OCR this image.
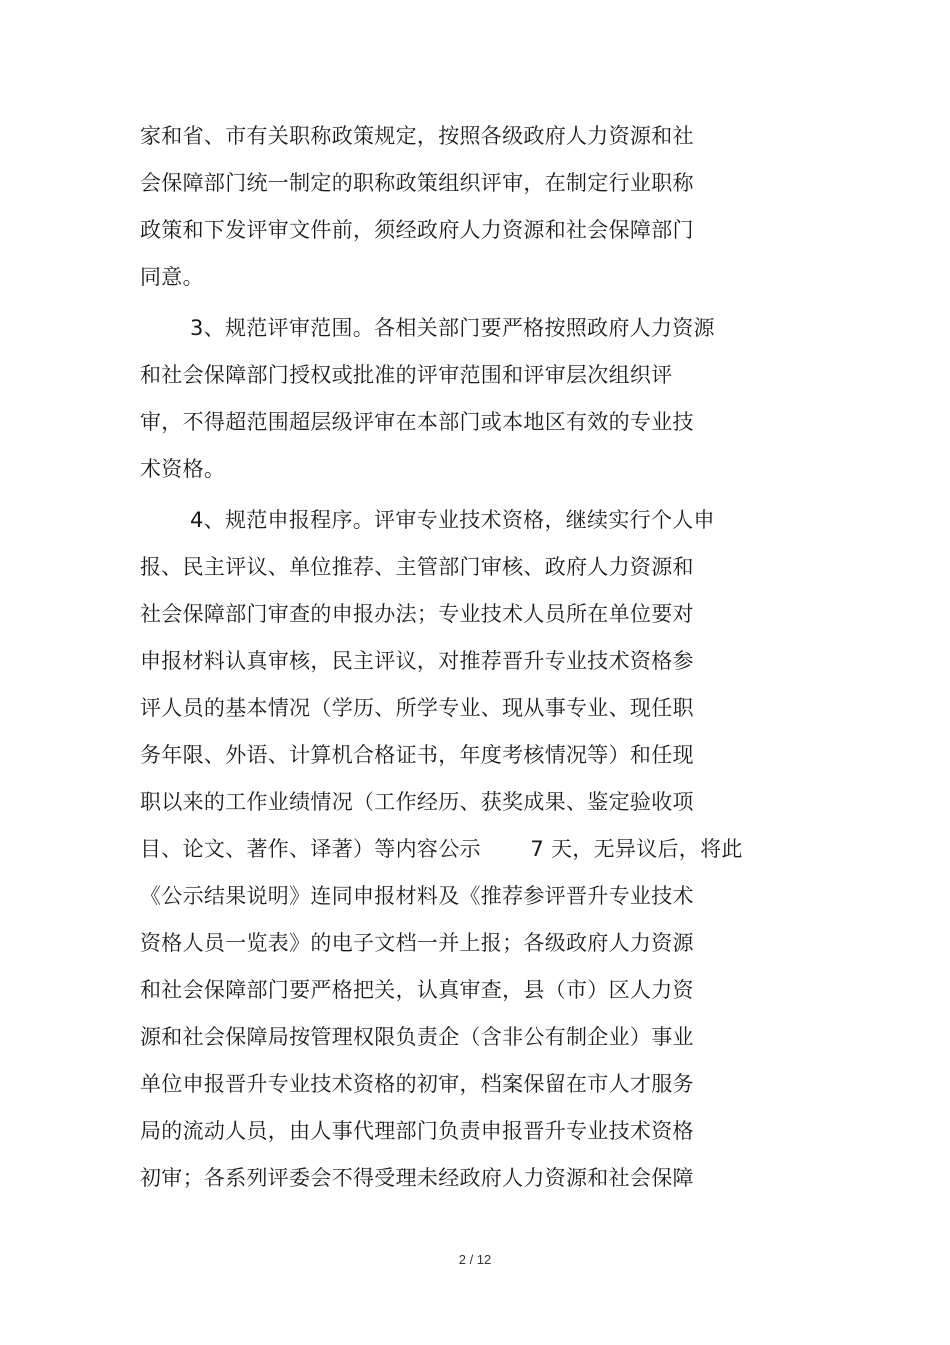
家和省、市有关职称政策规定，按照各级政府人力资源和社
会保障部门统一制定的职称政策组织评审，在制定行业职称
政策和下发评审文件前，须经政府人力资源和社会保障部门
同意。
3、规范评审范围。各相关部门要严格按照政府人力资源
和社会保障部门授权或批准的评审范围和评审层次组织评
审，不得超范围超层级评审在本部门或本地区有效的专业技
术资格。
4、规范申报程序。评审专业技术资格，继续实行个人申
报、民主评议、单位推荐、主管部门审核、政府人力资源和
社会保障部门审查的申报办法；专业技术人员所在单位要对
申报材料认真审核，民主评议，对推荐晋升专业技术资格参
评人员的基本情况（学历、所学专业、现从事专业、现任职
务年限、外语、计算机合格证书，年度考核情况等）和任现
职以来的工作业绩情况（工作经历、获奖成果、鉴定验收项
目、论文、著作、译著）等内容公示　　 7 天，无异议后，将此
《公示结果说明》连同申报材料及《推荐参评晋升专业技术
资格人员一览表》的电子文档一并上报；各级政府人力资源
和社会保障部门要严格把关，认真审查，县（市）区人力资
源和社会保障局按管理权限负责企（含非公有制企业）事业
单位申报晋升专业技术资格的初审，档案保留在市人才服务
局的流动人员，由人事代理部门负责申报晋升专业技术资格
初审；各系列评委会不得受理未经政府人力资源和社会保障
2 / 12
